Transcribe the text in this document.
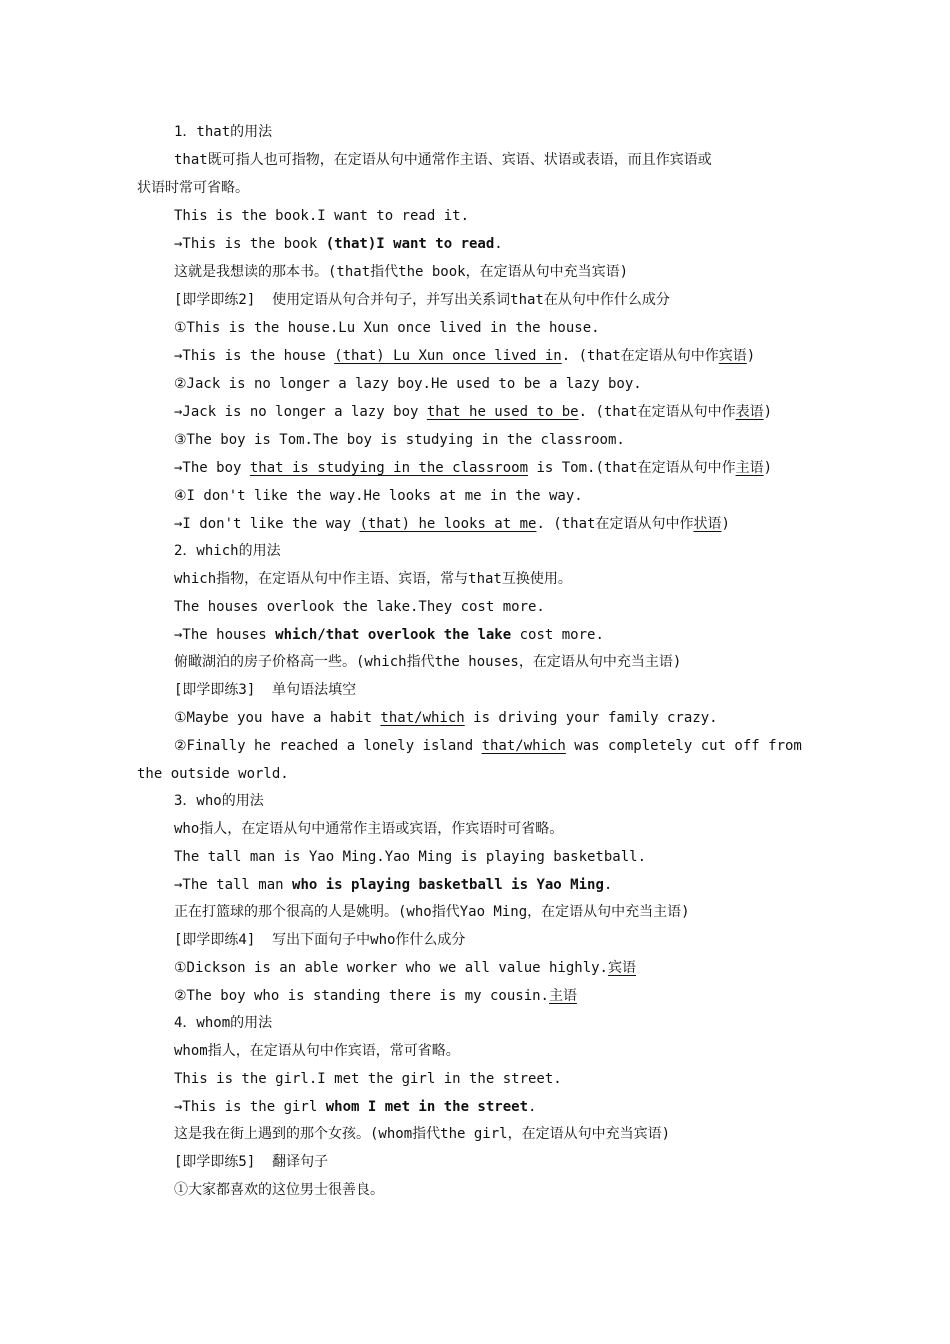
1．that的用法
that既可指人也可指物，在定语从句中通常作主语、宾语、状语或表语，而且作宾语或
状语时常可省略。
This is the book.I want to read it.
→This is the book (that)I want to read.
这就是我想读的那本书。(that指代the book，在定语从句中充当宾语)
[即学即练2]  使用定语从句合并句子，并写出关系词that在从句中作什么成分
①This is the house.Lu Xun once lived in the house.
→This is the house (that) Lu Xun once lived in. (that在定语从句中作宾语)
②Jack is no longer a lazy boy.He used to be a lazy boy.
→Jack is no longer a lazy boy that he used to be. (that在定语从句中作表语)
③The boy is Tom.The boy is studying in the classroom.
→The boy that is studying in the classroom is Tom.(that在定语从句中作主语)
④I don't like the way.He looks at me in the way.
→I don't like the way (that) he looks at me. (that在定语从句中作状语)
2．which的用法
which指物，在定语从句中作主语、宾语，常与that互换使用。
The houses overlook the lake.They cost more.
→The houses which/that overlook the lake cost more.
俯瞰湖泊的房子价格高一些。(which指代the houses，在定语从句中充当主语)
[即学即练3]  单句语法填空
①Maybe you have a habit that/which is driving your family crazy.
②Finally he reached a lonely island that/which was completely cut off from
the outside world.
3．who的用法
who指人，在定语从句中通常作主语或宾语，作宾语时可省略。
The tall man is Yao Ming.Yao Ming is playing basketball.
→The tall man who is playing basketball is Yao Ming.
正在打篮球的那个很高的人是姚明。(who指代Yao Ming，在定语从句中充当主语)
[即学即练4]  写出下面句子中who作什么成分
①Dickson is an able worker who we all value highly.宾语
②The boy who is standing there is my cousin.主语
4．whom的用法
whom指人，在定语从句中作宾语，常可省略。
This is the girl.I met the girl in the street.
→This is the girl whom I met in the street.
这是我在街上遇到的那个女孩。(whom指代the girl，在定语从句中充当宾语)
[即学即练5]  翻译句子
①大家都喜欢的这位男士很善良。
